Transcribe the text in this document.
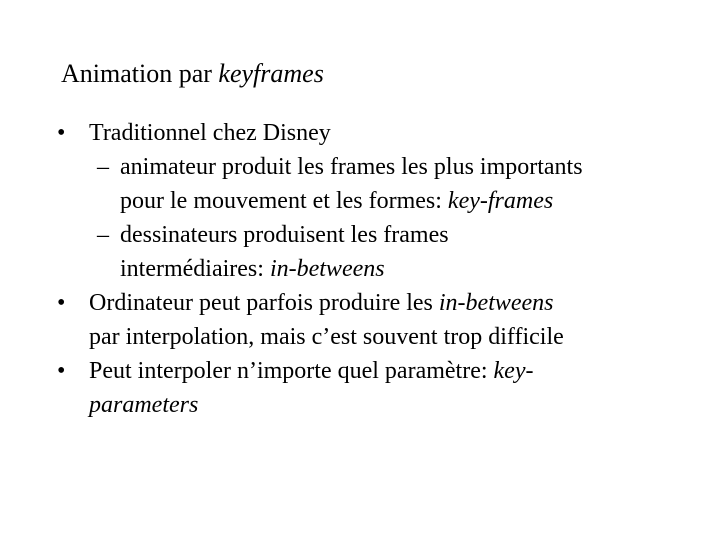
Animation par keyframes
• Traditionnel chez Disney
– animateur produit les frames les plus importants
pour le mouvement et les formes: key-frames
– dessinateurs produisent les frames
intermédiaires: in-betweens
• Ordinateur peut parfois produire les in-betweens
par interpolation, mais c’est souvent trop difficile
• Peut interpoler n’importe quel paramètre: key-
parameters
